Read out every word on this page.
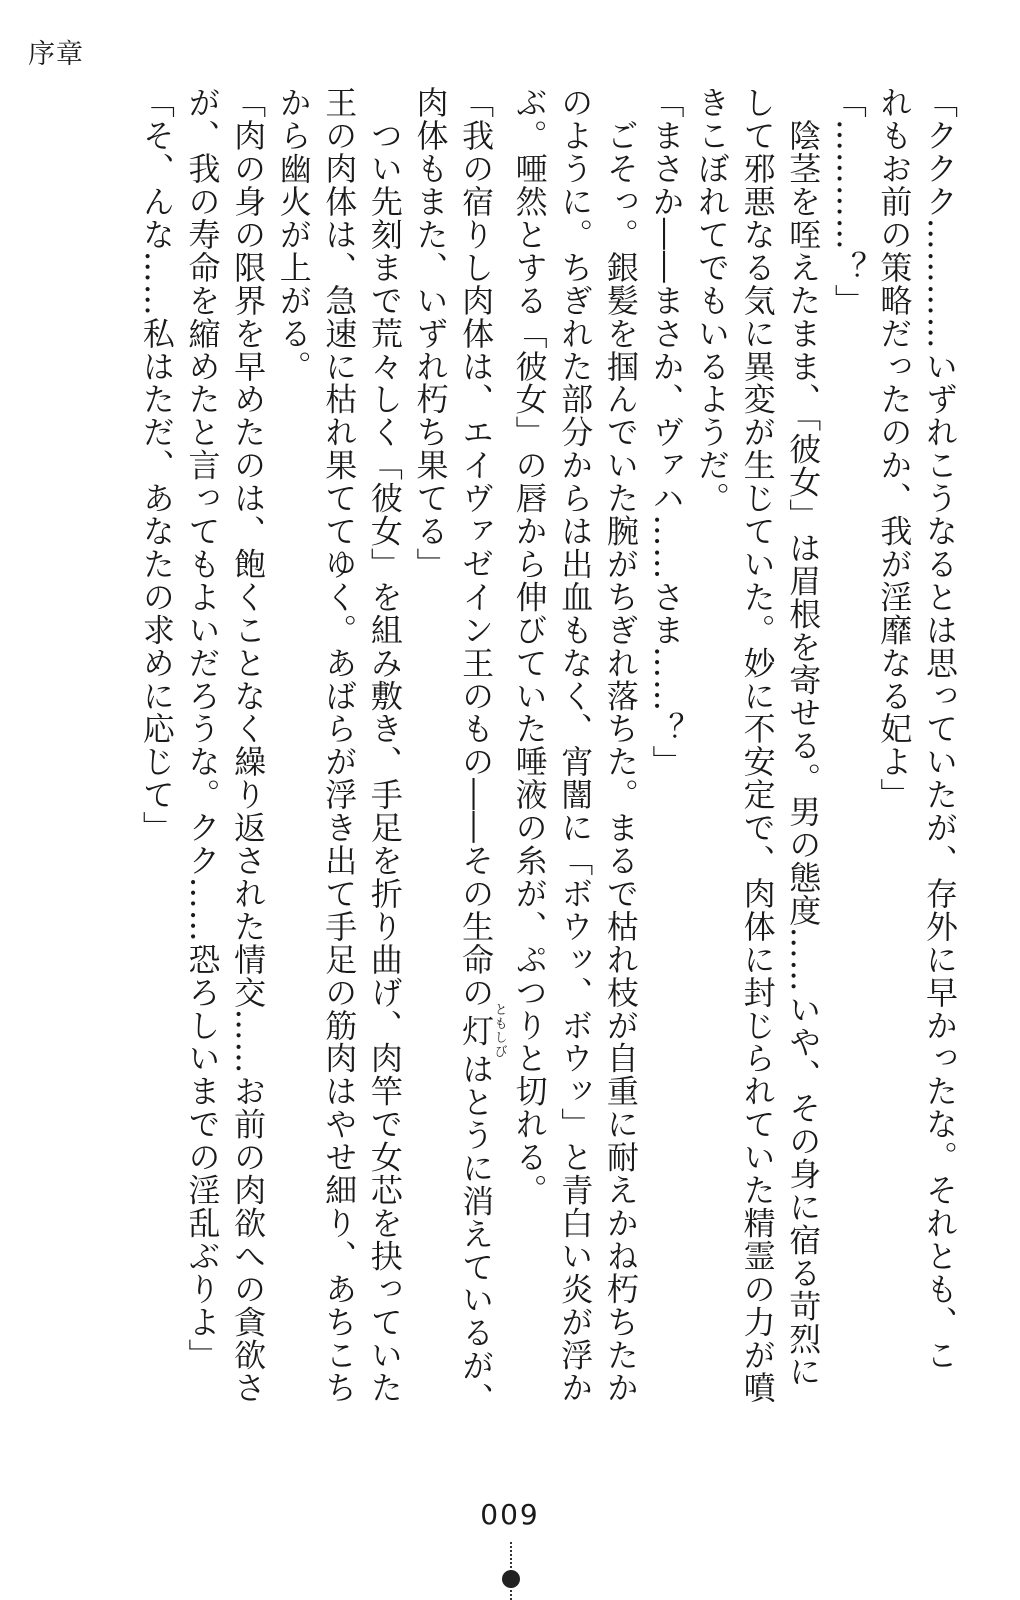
序章
「ククク…………いずれこうなるとは思っていたが、存外に早かったな。それとも、こ
れもお前の策略だったのか、我が淫靡なる妃よ」
「…………？」
　陰茎を咥えたまま、「彼女」は眉根を寄せる。男の態度……いや、その身に宿る苛烈に
して邪悪なる気に異変が生じていた。妙に不安定で、肉体に封じられていた精霊の力が噴
きこぼれてでもいるようだ。
「まさか――まさか、ヴァハ……さま……？」
　ごそっ。銀髪を掴んでいた腕がちぎれ落ちた。まるで枯れ枝が自重に耐えかね朽ちたか
のように。ちぎれた部分からは出血もなく、宵闇に「ボウッ、ボウッ」と青白い炎が浮か
ぶ。唖然とする「彼女」の唇から伸びていた唾液の糸が、ぷつりと切れる。
「我の宿りし肉体は、エイヴァゼイン王のもの――その生命の灯ともしびはとうに消えているが、
肉体もまた、いずれ朽ち果てる」
　つい先刻まで荒々しく「彼女」を組み敷き、手足を折り曲げ、肉竿で女芯を抉っていた
王の肉体は、急速に枯れ果ててゆく。あばらが浮き出て手足の筋肉はやせ細り、あちこち
から幽火が上がる。
「肉の身の限界を早めたのは、飽くことなく繰り返された情交……お前の肉欲への貪欲さ
が、我の寿命を縮めたと言ってもよいだろうな。クク……恐ろしいまでの淫乱ぶりよ」
「そ、んな……私はただ、あなたの求めに応じて」
009
